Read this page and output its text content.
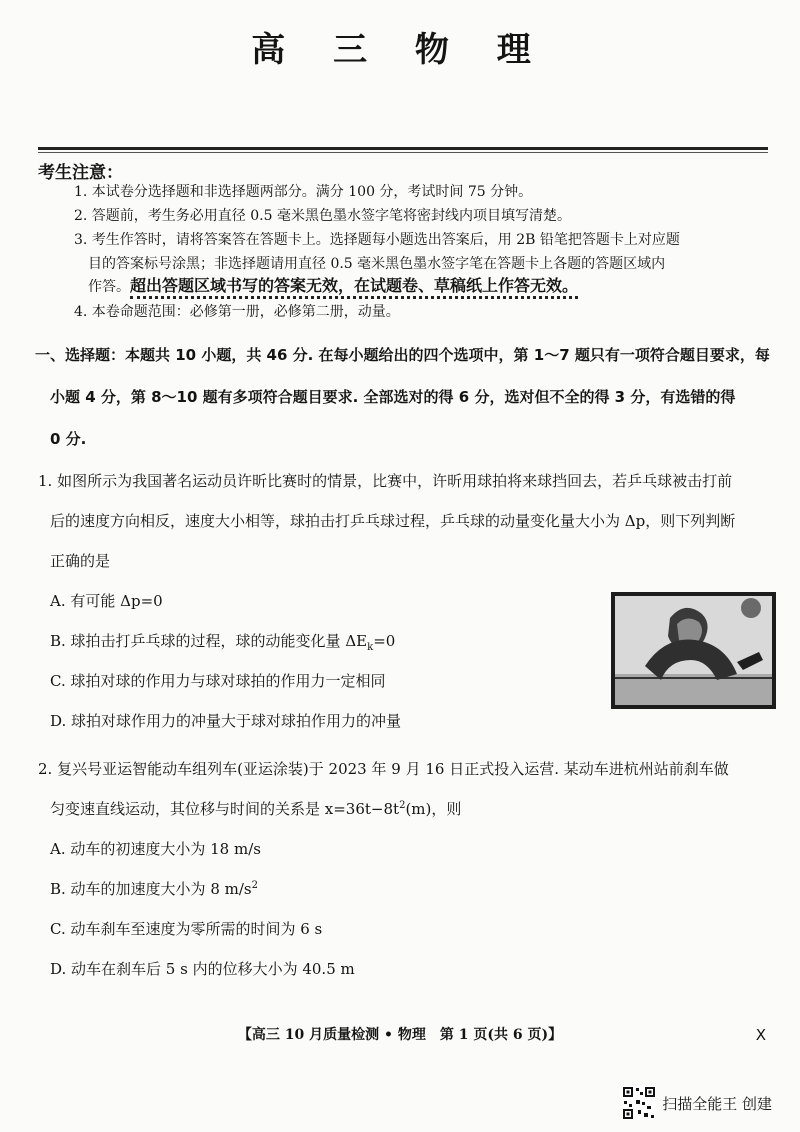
高 三 物 理
考生注意：
1. 本试卷分选择题和非选择题两部分。满分 100 分，考试时间 75 分钟。
2. 答题前，考生务必用直径 0.5 毫米黑色墨水签字笔将密封线内项目填写清楚。
3. 考生作答时，请将答案答在答题卡上。选择题每小题选出答案后，用 2B 铅笔把答题卡上对应题
目的答案标号涂黑；非选择题请用直径 0.5 毫米黑色墨水签字笔在答题卡上各题的答题区域内
作答。超出答题区域书写的答案无效，在试题卷、草稿纸上作答无效。
4. 本卷命题范围：必修第一册，必修第二册，动量。
一、选择题：本题共 10 小题，共 46 分. 在每小题给出的四个选项中，第 1～7 题只有一项符合题目要求，每
小题 4 分，第 8～10 题有多项符合题目要求. 全部选对的得 6 分，选对但不全的得 3 分，有选错的得
0 分.
1. 如图所示为我国著名运动员许昕比赛时的情景，比赛中，许昕用球拍将来球挡回去，若乒乓球被击打前
后的速度方向相反，速度大小相等，球拍击打乒乓球过程，乒乓球的动量变化量大小为 Δp，则下列判断
正确的是
A. 有可能 Δp=0
B. 球拍击打乒乓球的过程，球的动能变化量 $\Delta E_k=0$
C. 球拍对球的作用力与球对球拍的作用力一定相同
D. 球拍对球作用力的冲量大于球对球拍作用力的冲量
2. 复兴号亚运智能动车组列车(亚运涂装)于 2023 年 9 月 16 日正式投入运营. 某动车进杭州站前刹车做
匀变速直线运动，其位移与时间的关系是 $x=36t-8t^2(m)$，则
A. 动车的初速度大小为 18 m/s
B. 动车的加速度大小为 8 $m/s^2$
C. 动车刹车至速度为零所需的时间为 6 s
D. 动车在刹车后 5 s 内的位移大小为 40.5 m
【高三 10 月质量检测 • 物理　第 1 页(共 6 页)】	X
扫描全能王 创建
